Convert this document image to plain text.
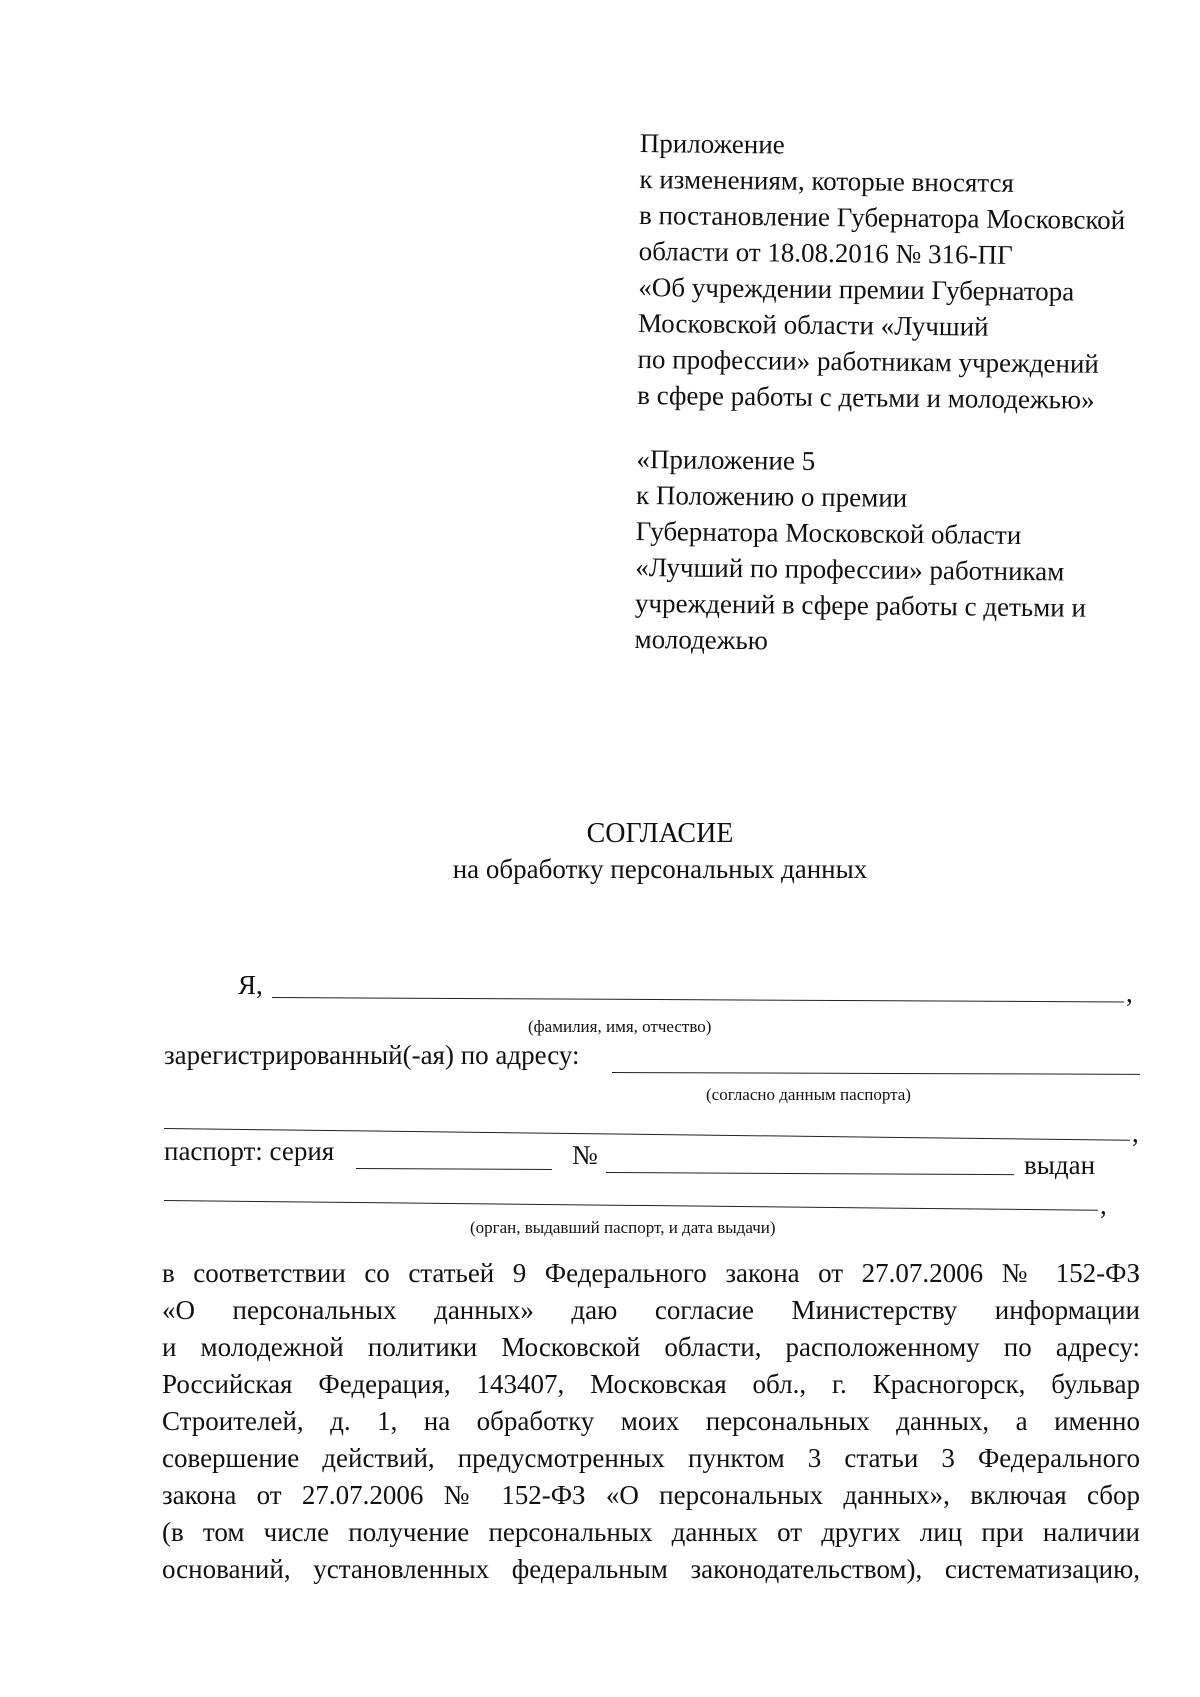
Приложение
к изменениям, которые вносятся
в постановление Губернатора Московской
области от 18.08.2016 № 316-ПГ
«Об учреждении премии Губернатора
Московской области «Лучший
по профессии» работникам учреждений
в сфере работы с детьми и молодежью»
«Приложение 5
к Положению о премии
Губернатора Московской области
«Лучший по профессии» работникам
учреждений в сфере работы с детьми и
молодежью
СОГЛАСИЕ
на обработку персональных данных
Я,	,
(фамилия, имя, отчество)
зарегистрированный(-ая) по адресу:
(согласно данным паспорта)
,
паспорт: серия	№	выдан
,
(орган, выдавший паспорт, и дата выдачи)
в соответствии со статьей 9 Федерального закона от 27.07.2006 № 152-ФЗ
«О персональных данных» даю согласие Министерству информации
и молодежной политики Московской области, расположенному по адресу:
Российская Федерация, 143407, Московская обл., г. Красногорск, бульвар
Строителей, д. 1, на обработку моих персональных данных, а именно
совершение действий, предусмотренных пунктом 3 статьи 3 Федерального
закона от 27.07.2006 № 152-ФЗ «О персональных данных», включая сбор
(в том числе получение персональных данных от других лиц при наличии
оснований, установленных федеральным законодательством), систематизацию,
